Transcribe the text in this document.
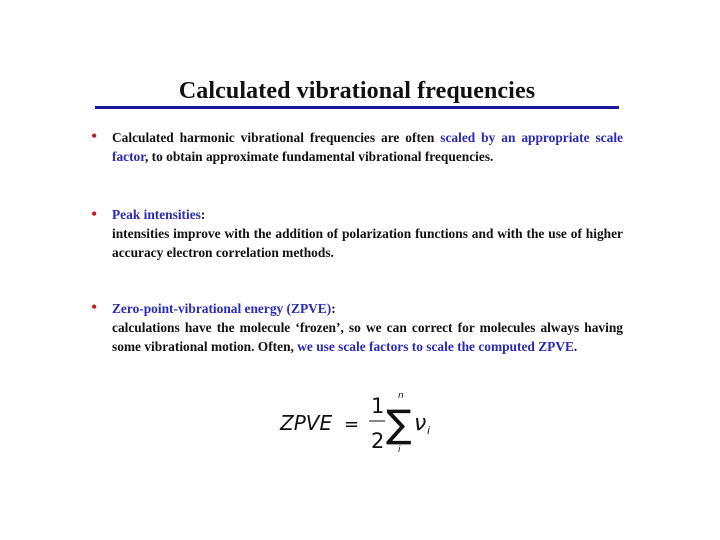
Calculated vibrational frequencies
• Calculated harmonic vibrational frequencies are often scaled by an appropriate scale factor, to obtain approximate fundamental vibrational frequencies.
• Peak intensities:
intensities improve with the addition of polarization functions and with the use of higher accuracy electron correlation methods.
• Zero-point-vibrational energy (ZPVE):
calculations have the molecule ‘frozen’, so we can correct for molecules always having some vibrational motion. Often, we use scale factors to scale the computed ZPVE.
ZPVE =
1
2
n
∑
i
ν i
